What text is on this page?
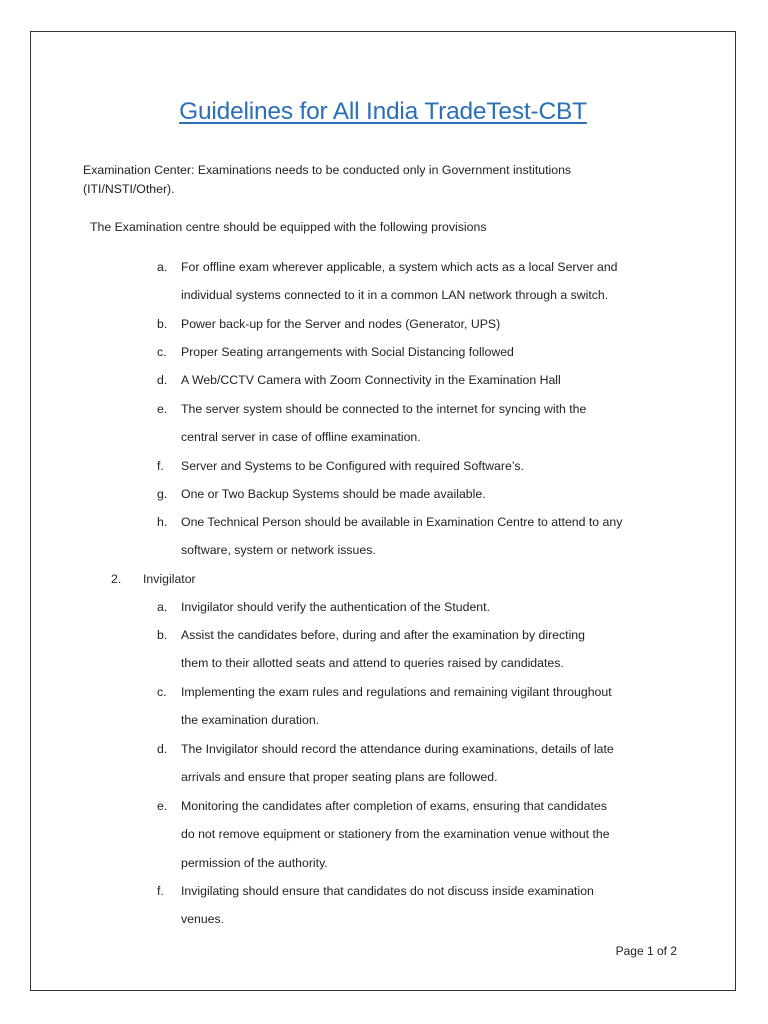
Guidelines for All India TradeTest-CBT
Examination Center: Examinations needs to be conducted only in Government institutions
(ITI/NSTI/Other).
The Examination centre should be equipped with the following provisions
a.	For offline exam wherever applicable, a system which acts as a local Server and
individual systems connected to it in a common LAN network through a switch.
b.	Power back-up for the Server and nodes (Generator, UPS)
c.	Proper Seating arrangements with Social Distancing followed
d.	A Web/CCTV Camera with Zoom Connectivity in the Examination Hall
e.	The server system should be connected to the internet for syncing with the
central server in case of offline examination.
f.	Server and Systems to be Configured with required Software’s.
g.	One or Two Backup Systems should be made available.
h.	One Technical Person should be available in Examination Centre to attend to any
software, system or network issues.
2. Invigilator
a.	Invigilator should verify the authentication of the Student.
b.	Assist the candidates before, during and after the examination by directing
them to their allotted seats and attend to queries raised by candidates.
c.	Implementing the exam rules and regulations and remaining vigilant throughout
the examination duration.
d.	The Invigilator should record the attendance during examinations, details of late
arrivals and ensure that proper seating plans are followed.
e.	Monitoring the candidates after completion of exams, ensuring that candidates
do not remove equipment or stationery from the examination venue without the
permission of the authority.
f.	Invigilating should ensure that candidates do not discuss inside examination
venues.
Page 1 of 2
